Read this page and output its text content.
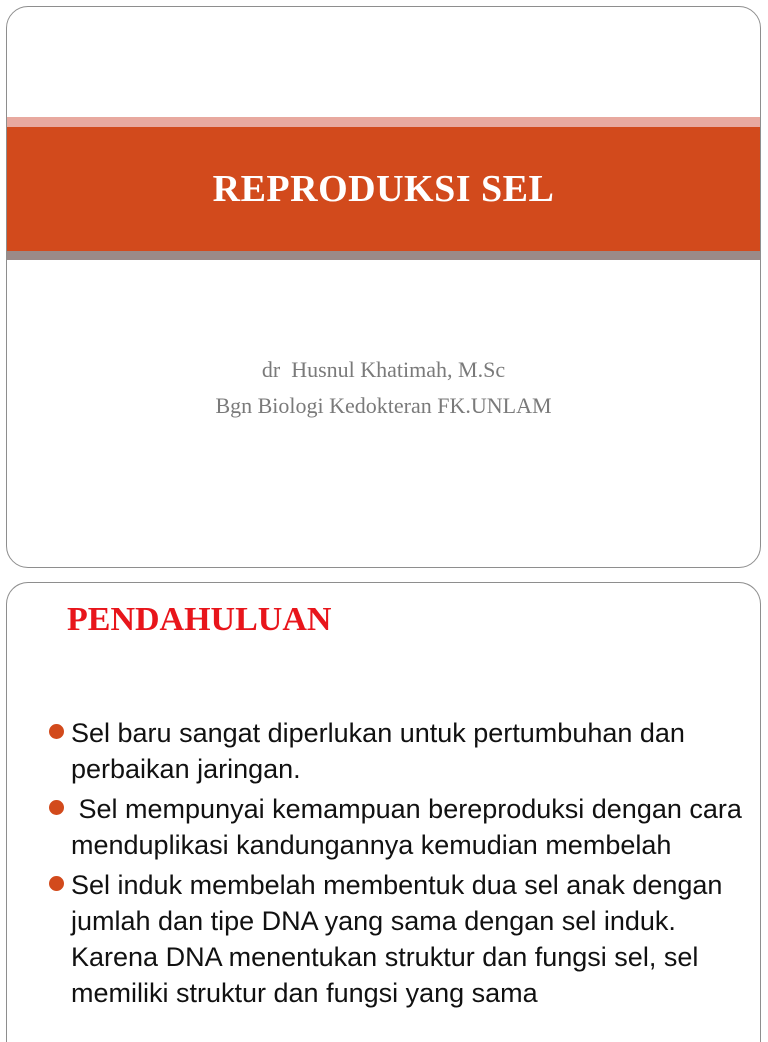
REPRODUKSI SEL
dr  Husnul Khatimah, M.Sc
Bgn Biologi Kedokteran FK.UNLAM
PENDAHULUAN
Sel baru sangat diperlukan untuk pertumbuhan dan perbaikan jaringan.
Sel mempunyai kemampuan bereproduksi dengan cara menduplikasi kandungannya kemudian membelah
Sel induk membelah membentuk dua sel anak dengan jumlah dan tipe DNA yang sama dengan sel induk. Karena DNA menentukan struktur dan fungsi sel, sel memiliki struktur dan fungsi yang sama
